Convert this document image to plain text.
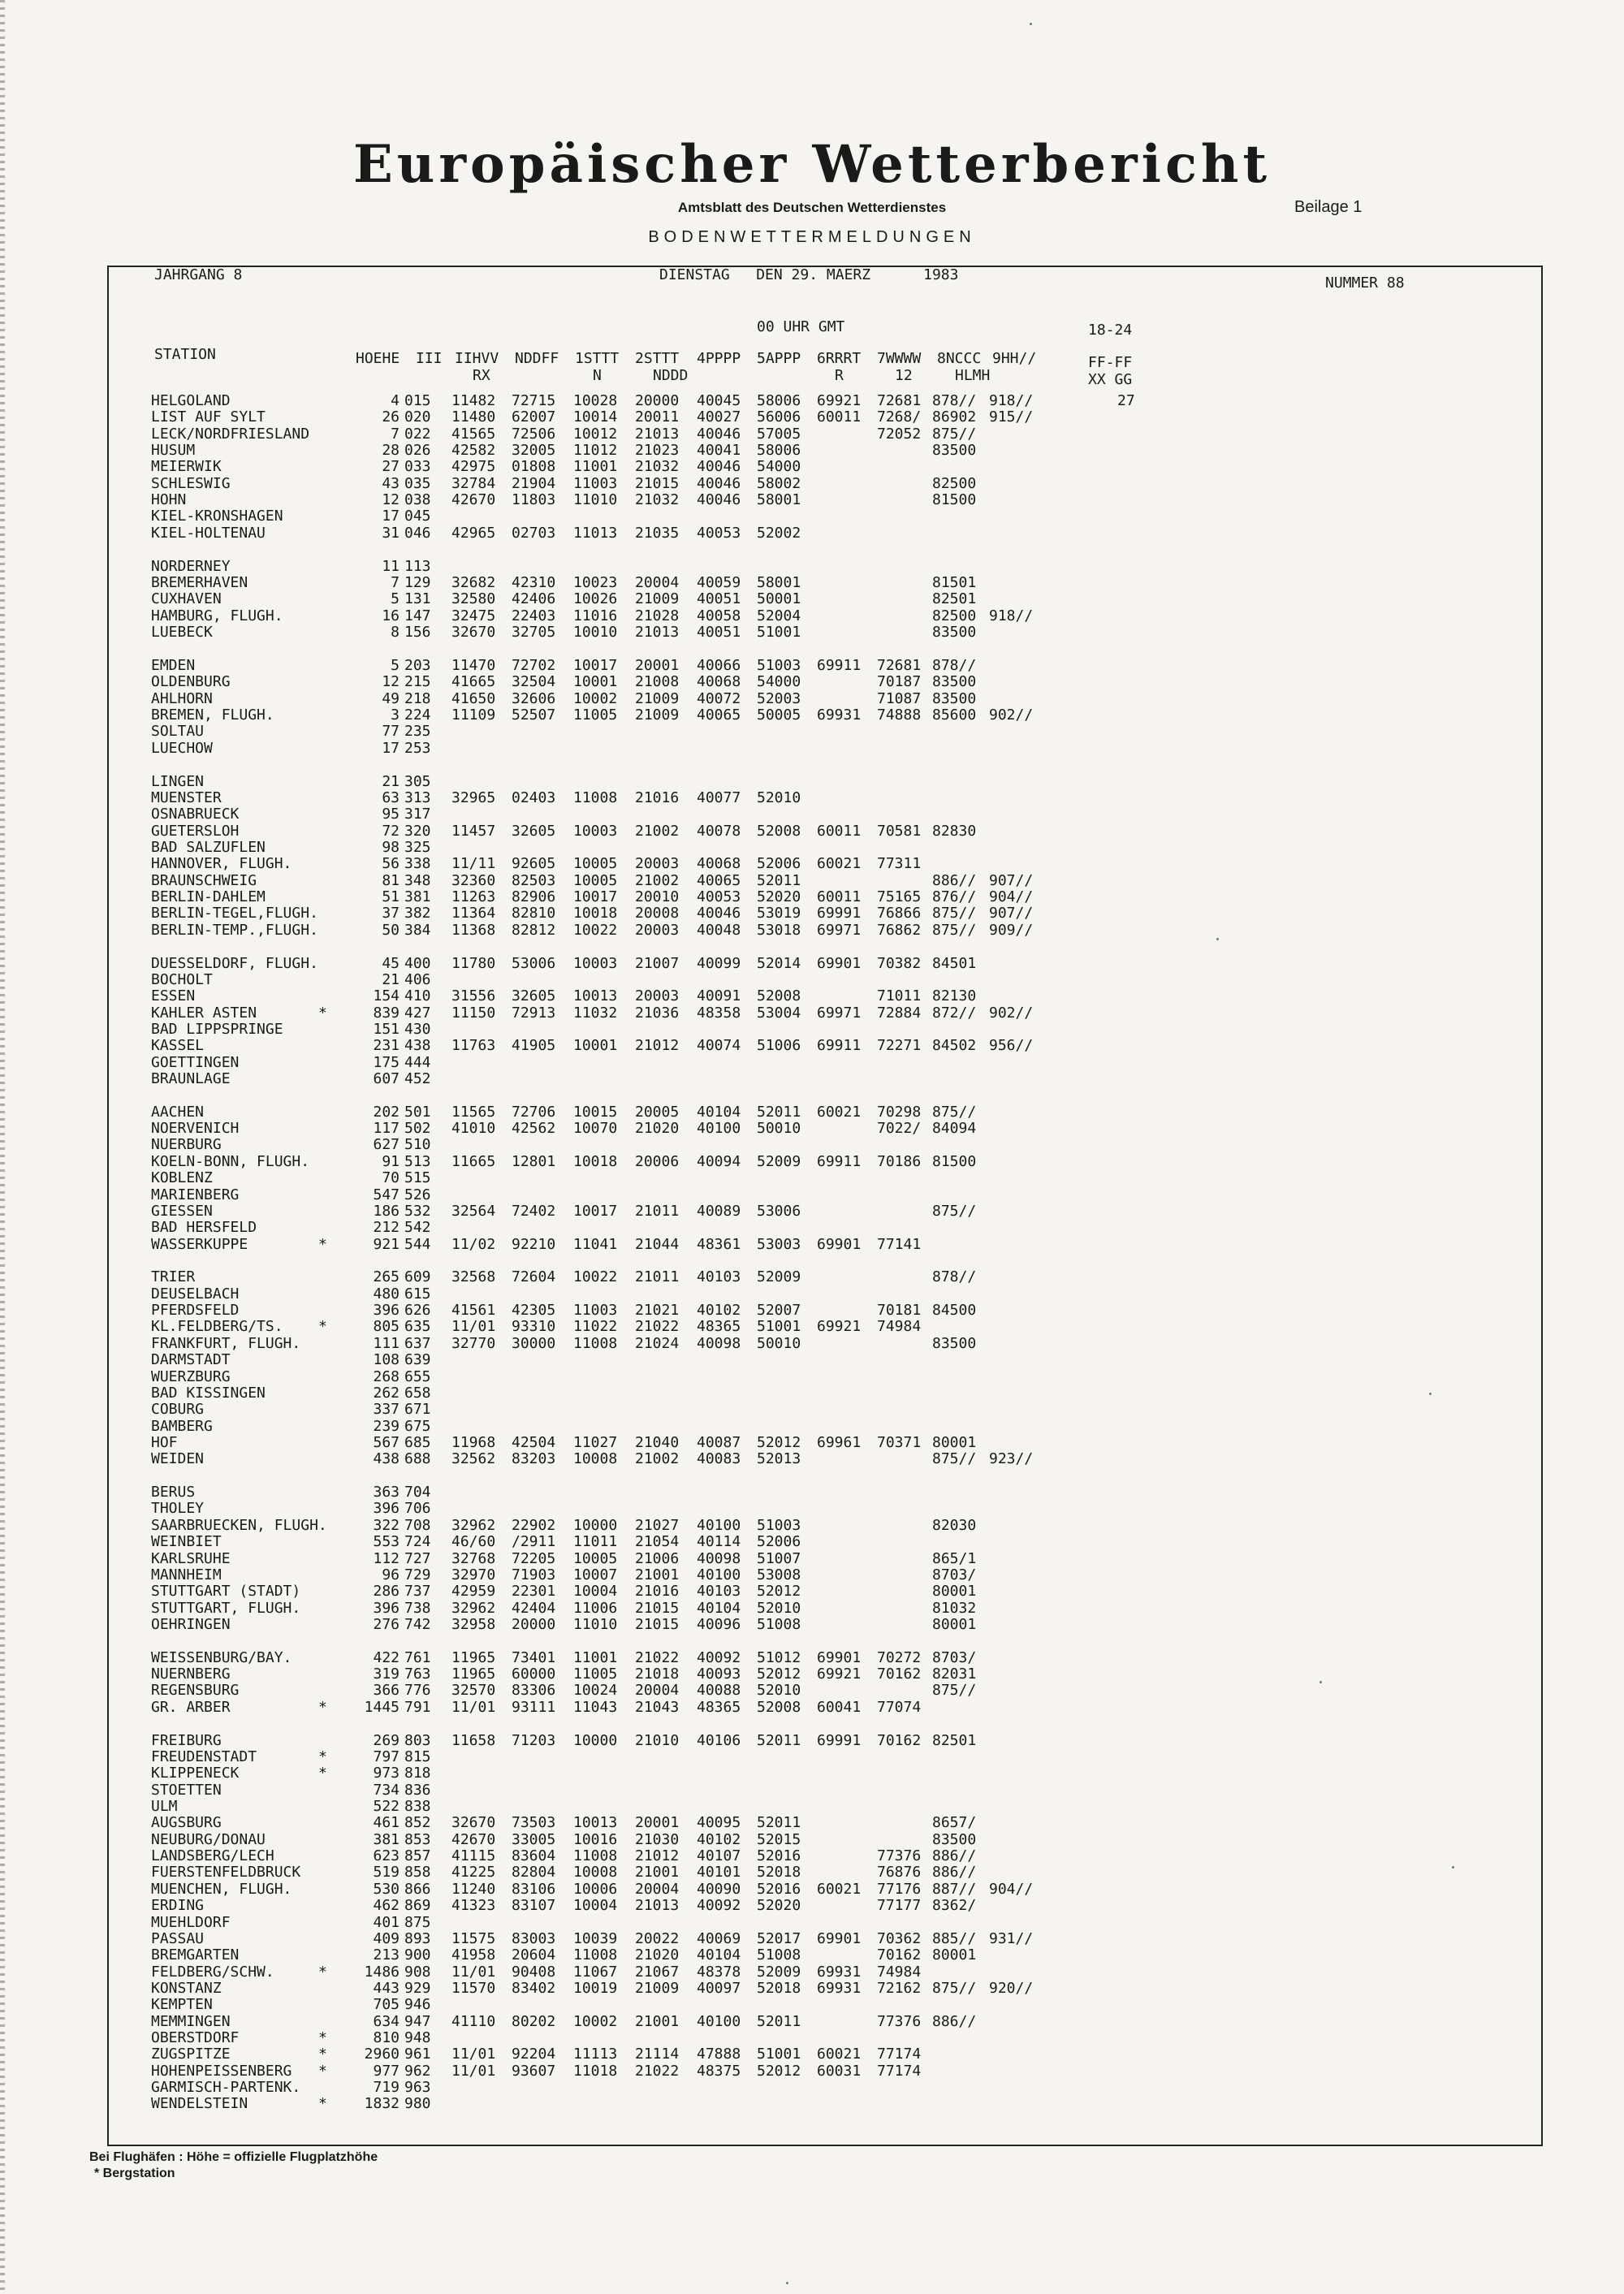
Europäischer Wetterbericht
Amtsblatt des Deutschen Wetterdienstes	Beilage 1
BODENWETTERMELDUNGEN
JAHRGANG 8	DIENSTAG   DEN 29. MAERZ      1983	NUMMER 88
00 UHR GMT	18-24
STATION	HOEHE III IIHVV NDDFF 1STTT 2STTT 4PPPP 5APPP 6RRRT 7WWWW 8NCCC 9HH//
RX	N	NDDD	R	12	HLMH
FF-FF
XX GG
HELGOLAND	4 015 11482 72715 10028 20000 40045 58006 69921 72681 878// 918//	27
LIST AUF SYLT	26 020 11480 62007 10014 20011 40027 56006 60011 7268/ 86902 915//
LECK/NORDFRIESLAND	7 022 41565 72506 10012 21013 40046 57005	72052 875//
HUSUM	28 026 42582 32005 11012 21023 40041 58006	83500
MEIERWIK	27 033 42975 01808 11001 21032 40046 54000
SCHLESWIG	43 035 32784 21904 11003 21015 40046 58002	82500
HOHN	12 038 42670 11803 11010 21032 40046 58001	81500
KIEL-KRONSHAGEN	17 045
KIEL-HOLTENAU	31 046 42965 02703 11013 21035 40053 52002
NORDERNEY	11 113
BREMERHAVEN	7 129 32682 42310 10023 20004 40059 58001	81501
CUXHAVEN	5 131 32580 42406 10026 21009 40051 50001	82501
HAMBURG, FLUGH.	16 147 32475 22403 11016 21028 40058 52004	82500 918//
LUEBECK	8 156 32670 32705 10010 21013 40051 51001	83500
EMDEN	5 203 11470 72702 10017 20001 40066 51003 69911 72681 878//
OLDENBURG	12 215 41665 32504 10001 21008 40068 54000	70187 83500
AHLHORN	49 218 41650 32606 10002 21009 40072 52003	71087 83500
BREMEN, FLUGH.	3 224 11109 52507 11005 21009 40065 50005 69931 74888 85600 902//
SOLTAU	77 235
LUECHOW	17 253
LINGEN	21 305
MUENSTER	63 313 32965 02403 11008 21016 40077 52010
OSNABRUECK	95 317
GUETERSLOH	72 320 11457 32605 10003 21002 40078 52008 60011 70581 82830
BAD SALZUFLEN	98 325
HANNOVER, FLUGH.	56 338 11/11 92605 10005 20003 40068 52006 60021 77311
BRAUNSCHWEIG	81 348 32360 82503 10005 21002 40065 52011	886// 907//
BERLIN-DAHLEM	51 381 11263 82906 10017 20010 40053 52020 60011 75165 876// 904//
BERLIN-TEGEL,FLUGH.	37 382 11364 82810 10018 20008 40046 53019 69991 76866 875// 907//
BERLIN-TEMP.,FLUGH.	50 384 11368 82812 10022 20003 40048 53018 69971 76862 875// 909//
DUESSELDORF, FLUGH.	45 400 11780 53006 10003 21007 40099 52014 69901 70382 84501
BOCHOLT	21 406
ESSEN	154 410 31556 32605 10013 20003 40091 52008	71011 82130
KAHLER ASTEN	*	839 427 11150 72913 11032 21036 48358 53004 69971 72884 872// 902//
BAD LIPPSPRINGE	151 430
KASSEL	231 438 11763 41905 10001 21012 40074 51006 69911 72271 84502 956//
GOETTINGEN	175 444
BRAUNLAGE	607 452
AACHEN	202 501 11565 72706 10015 20005 40104 52011 60021 70298 875//
NOERVENICH	117 502 41010 42562 10070 21020 40100 50010	7022/ 84094
NUERBURG	627 510
KOELN-BONN, FLUGH.	91 513 11665 12801 10018 20006 40094 52009 69911 70186 81500
KOBLENZ	70 515
MARIENBERG	547 526
GIESSEN	186 532 32564 72402 10017 21011 40089 53006	875//
BAD HERSFELD	212 542
WASSERKUPPE	*	921 544 11/02 92210 11041 21044 48361 53003 69901 77141
TRIER	265 609 32568 72604 10022 21011 40103 52009	878//
DEUSELBACH	480 615
PFERDSFELD	396 626 41561 42305 11003 21021 40102 52007	70181 84500
KL.FELDBERG/TS. *	805 635 11/01 93310 11022 21022 48365 51001 69921 74984
FRANKFURT, FLUGH.	111 637 32770 30000 11008 21024 40098 50010	83500
DARMSTADT	108 639
WUERZBURG	268 655
BAD KISSINGEN	262 658
COBURG	337 671
BAMBERG	239 675
HOF	567 685 11968 42504 11027 21040 40087 52012 69961 70371 80001
WEIDEN	438 688 32562 83203 10008 21002 40083 52013	875// 923//
BERUS	363 704
THOLEY	396 706
SAARBRUECKEN, FLUGH.	322 708 32962 22902 10000 21027 40100 51003	82030
WEINBIET	553 724 46/60 /2911 11011 21054 40114 52006
KARLSRUHE	112 727 32768 72205 10005 21006 40098 51007	865/1
MANNHEIM	96 729 32970 71903 10007 21001 40100 53008	8703/
STUTTGART (STADT)	286 737 42959 22301 10004 21016 40103 52012	80001
STUTTGART, FLUGH.	396 738 32962 42404 11006 21015 40104 52010	81032
OEHRINGEN	276 742 32958 20000 11010 21015 40096 51008	80001
WEISSENBURG/BAY.	422 761 11965 73401 11001 21022 40092 51012 69901 70272 8703/
NUERNBERG	319 763 11965 60000 11005 21018 40093 52012 69921 70162 82031
REGENSBURG	366 776 32570 83306 10024 20004 40088 52010	875//
GR. ARBER	*	1445 791 11/01 93111 11043 21043 48365 52008 60041 77074
FREIBURG	269 803 11658 71203 10000 21010 40106 52011 69991 70162 82501
FREUDENSTADT	*	797 815
KLIPPENECK	*	973 818
STOETTEN	734 836
ULM	522 838
AUGSBURG	461 852 32670 73503 10013 20001 40095 52011	8657/
NEUBURG/DONAU	381 853 42670 33005 10016 21030 40102 52015	83500
LANDSBERG/LECH	623 857 41115 83604 11008 21012 40107 52016	77376 886//
FUERSTENFELDBRUCK	519 858 41225 82804 10008 21001 40101 52018	76876 886//
MUENCHEN, FLUGH.	530 866 11240 83106 10006 20004 40090 52016 60021 77176 887// 904//
ERDING	462 869 41323 83107 10004 21013 40092 52020	77177 8362/
MUEHLDORF	401 875
PASSAU	409 893 11575 83003 10039 20022 40069 52017 69901 70362 885// 931//
BREMGARTEN	213 900 41958 20604 11008 21020 40104 51008	70162 80001
FELDBERG/SCHW.	*	1486 908 11/01 90408 11067 21067 48378 52009 69931 74984
KONSTANZ	443 929 11570 83402 10019 21009 40097 52018 69931 72162 875// 920//
KEMPTEN	705 946
MEMMINGEN	634 947 41110 80202 10002 21001 40100 52011	77376 886//
OBERSTDORF	*	810 948
ZUGSPITZE	*	2960 961 11/01 92204 11113 21114 47888 51001 60021 77174
HOHENPEISSENBERG *	977 962 11/01 93607 11018 21022 48375 52012 60031 77174
GARMISCH-PARTENK.	719 963
WENDELSTEIN	*	1832 980
Bei Flughäfen : Höhe = offizielle Flugplatzhöhe
* Bergstation
